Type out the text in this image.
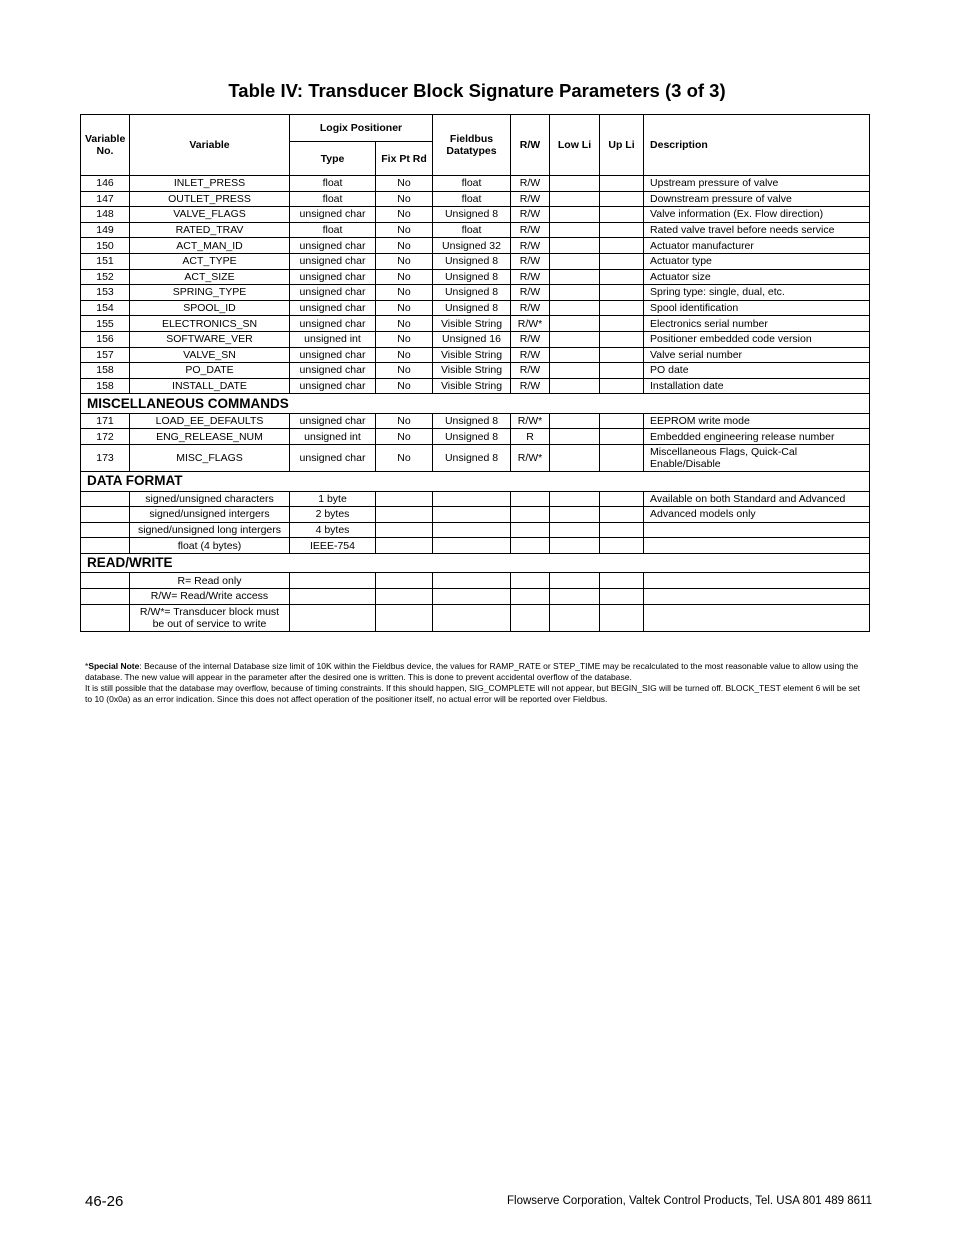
Table IV: Transducer Block Signature Parameters (3 of 3)
Variable No.	Variable	Logix Positioner		Fieldbus Datatypes	R/W	Low Li	Up Li	Description
		Type	Fix Pt Rd					
146	INLET_PRESS	float	No	float	R/W			Upstream pressure of valve
147	OUTLET_PRESS	float	No	float	R/W			Downstream pressure of valve
148	VALVE_FLAGS	unsigned char	No	Unsigned 8	R/W			Valve information (Ex. Flow direction)
149	RATED_TRAV	float	No	float	R/W			Rated valve travel before needs service
150	ACT_MAN_ID	unsigned char	No	Unsigned 32	R/W			Actuator manufacturer
151	ACT_TYPE	unsigned char	No	Unsigned 8	R/W			Actuator type
152	ACT_SIZE	unsigned char	No	Unsigned 8	R/W			Actuator size
153	SPRING_TYPE	unsigned char	No	Unsigned 8	R/W			Spring type: single, dual, etc.
154	SPOOL_ID	unsigned char	No	Unsigned 8	R/W			Spool identification
155	ELECTRONICS_SN	unsigned char	No	Visible String	R/W*			Electronics serial number
156	SOFTWARE_VER	unsigned int	No	Unsigned 16	R/W			Positioner embedded code version
157	VALVE_SN	unsigned char	No	Visible String	R/W			Valve serial number
158	PO_DATE	unsigned char	No	Visible String	R/W			PO date
158	INSTALL_DATE	unsigned char	No	Visible String	R/W			Installation date
MISCELLANEOUS COMMANDS								
171	LOAD_EE_DEFAULTS	unsigned char	No	Unsigned 8	R/W*			EEPROM write mode
172	ENG_RELEASE_NUM	unsigned int	No	Unsigned 8	R			Embedded engineering release number
173	MISC_FLAGS	unsigned char	No	Unsigned 8	R/W*			Miscellaneous Flags, Quick-Cal Enable/Disable
DATA FORMAT								
	signed/unsigned characters	1 byte						Available on both Standard and Advanced
	signed/unsigned intergers	2 bytes						Advanced models only
	signed/unsigned long intergers	4 bytes						
	float (4 bytes)	IEEE-754						
READ/WRITE								
	R= Read only							
	R/W= Read/Write access							
	R/W*= Transducer block must be out of service to write							
*Special Note: Because of the internal Database size limit of 10K within the Fieldbus device, the values for RAMP_RATE or STEP_TIME may be recalculated to the most reasonable value to allow using the database. The new value will appear in the parameter after the desired one is written. This is done to prevent accidental overflow of the database.
It is still possible that the database may overflow, because of timing constraints. If this should happen, SIG_COMPLETE will not appear, but BEGIN_SIG will be turned off. BLOCK_TEST element 6 will be set to 10 (0x0a) as an error indication. Since this does not affect operation of the positioner itself, no actual error will be reported over Fieldbus.
46-26	Flowserve Corporation, Valtek Control Products, Tel. USA 801 489 8611
